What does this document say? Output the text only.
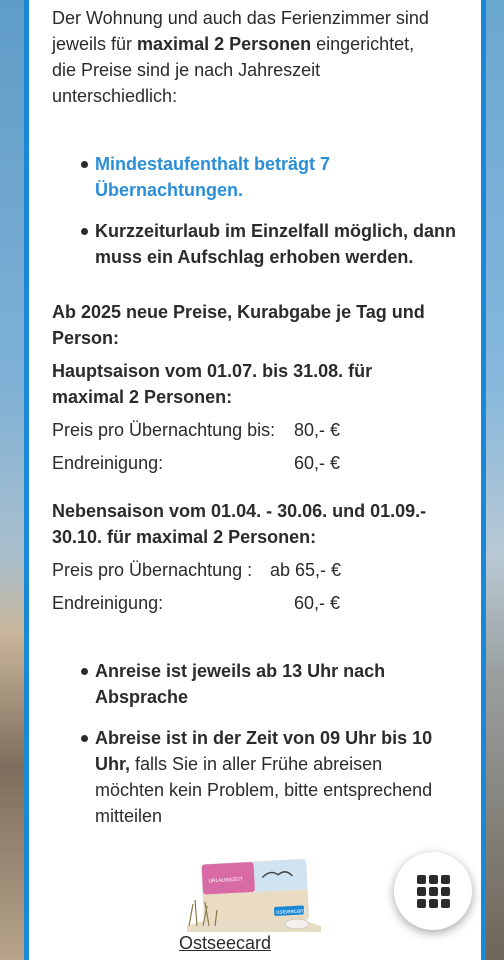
Der Wohnung und auch das Ferienzimmer sind

jeweils für maximal 2 Personen eingerichtet,

die Preise sind je nach Jahreszeit

unterschiedlich:

Mindestaufenthalt beträgt 7
Übernachtungen.
Kurzzeiturlaub im Einzelfall möglich, dann
muss ein Aufschlag erhoben werden.

Ab 2025 neue Preise, Kurabgabe je Tag und

Person:

Hauptsaison vom 01.07. bis 31.08. für

maximal 2 Personen:

Preis pro Übernachtung bis:	80,- €
Endreinigung:	60,- €

Nebensaison vom 01.04. - 30.06. und 01.09.-

30.10. für maximal 2 Personen:

Preis pro Übernachtung : ab 65,- €
Endreinigung:	60,- €
Anreise ist jeweils ab 13 Uhr nach
Absprache
Abreise ist in der Zeit von 09 Uhr bis 10
Uhr, falls Sie in aller Frühe abreisen
möchten kein Problem, bitte entsprechend
mitteilen
URLAUBSZEIT
ostseecard
Ostseecard
